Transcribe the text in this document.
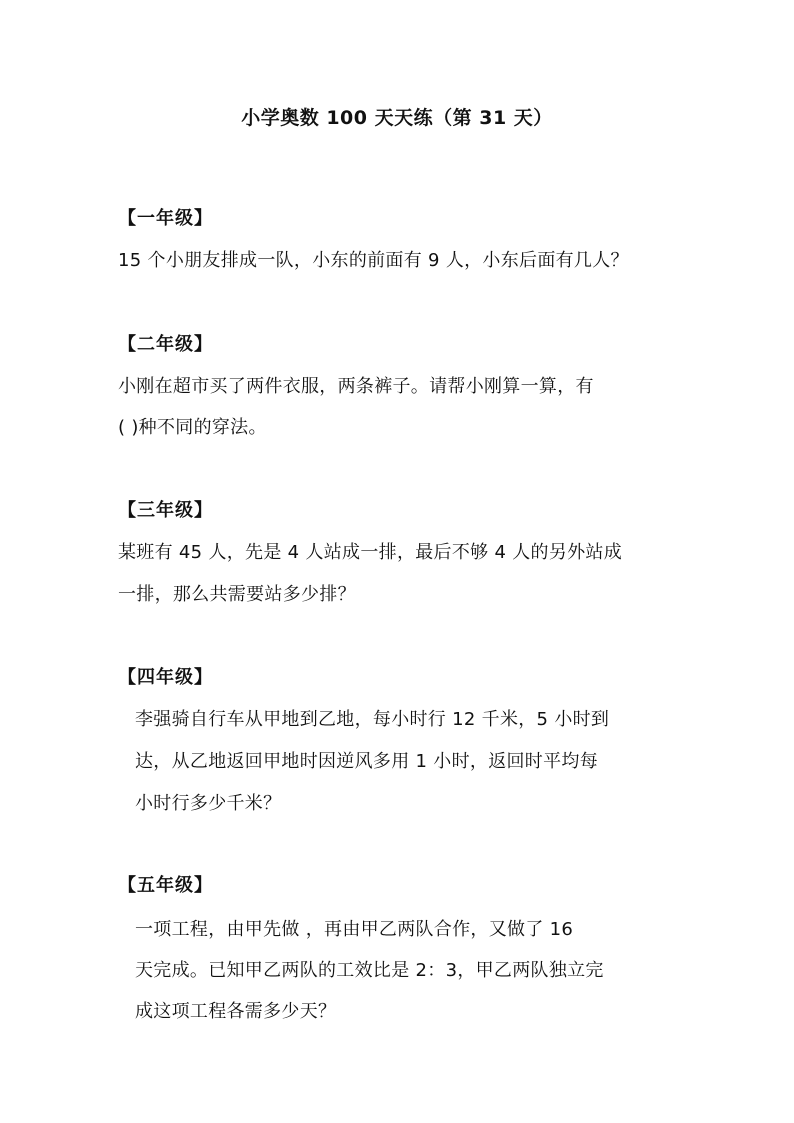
小学奥数 100 天天练（第 31 天）
【一年级】
15 个小朋友排成一队，小东的前面有 9 人，小东后面有几人？
【二年级】
小刚在超市买了两件衣服，两条裤子。请帮小刚算一算，有
( )种不同的穿法。
【三年级】
某班有 45 人，先是 4 人站成一排，最后不够 4 人的另外站成
一排，那么共需要站多少排？
【四年级】
李强骑自行车从甲地到乙地，每小时行 12 千米，5 小时到
达，从乙地返回甲地时因逆风多用 1 小时，返回时平均每
小时行多少千米？
【五年级】
一项工程，由甲先做 ，再由甲乙两队合作，又做了 16
天完成。已知甲乙两队的工效比是 2：3，甲乙两队独立完
成这项工程各需多少天？
